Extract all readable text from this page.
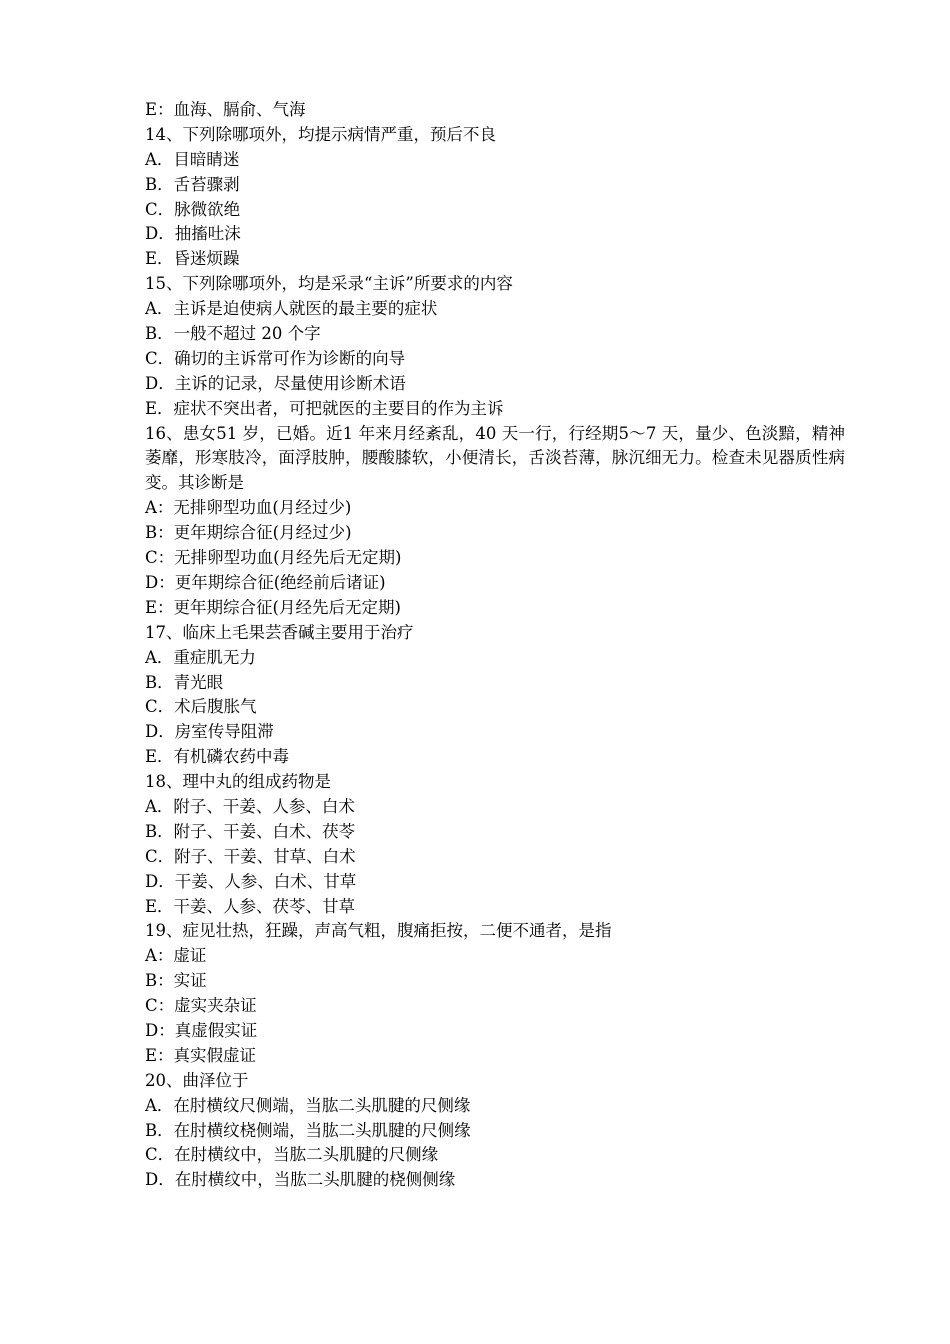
E：血海、膈俞、气海
14、下列除哪项外，均提示病情严重，预后不良
A．目暗睛迷
B．舌苔骤剥
C．脉微欲绝
D．抽搐吐沫
E．昏迷烦躁
15、下列除哪项外，均是采录“主诉”所要求的内容
A．主诉是迫使病人就医的最主要的症状
B．一般不超过 20 个字
C．确切的主诉常可作为诊断的向导
D．主诉的记录，尽量使用诊断术语
E．症状不突出者，可把就医的主要目的作为主诉
16、患女51 岁，已婚。近1 年来月经紊乱，40 天一行，行经期5～7 天，量少、色淡黯，精神萎靡，形寒肢冷，面浮肢肿，腰酸膝软，小便清长，舌淡苔薄，脉沉细无力。检查未见器质性病变。其诊断是
A：无排卵型功血(月经过少)
B：更年期综合征(月经过少)
C：无排卵型功血(月经先后无定期)
D：更年期综合征(绝经前后诸证)
E：更年期综合征(月经先后无定期)
17、临床上毛果芸香碱主要用于治疗
A．重症肌无力
B．青光眼
C．术后腹胀气
D．房室传导阻滞
E．有机磷农药中毒
18、理中丸的组成药物是
A．附子、干姜、人参、白术
B．附子、干姜、白术、茯苓
C．附子、干姜、甘草、白术
D．干姜、人参、白术、甘草
E．干姜、人参、茯苓、甘草
19、症见壮热，狂躁，声高气粗，腹痛拒按，二便不通者，是指
A：虚证
B：实证
C：虚实夹杂证
D：真虚假实证
E：真实假虚证
20、曲泽位于
A．在肘横纹尺侧端，当肱二头肌腱的尺侧缘
B．在肘横纹桡侧端，当肱二头肌腱的尺侧缘
C．在肘横纹中，当肱二头肌腱的尺侧缘
D．在肘横纹中，当肱二头肌腱的桡侧侧缘
